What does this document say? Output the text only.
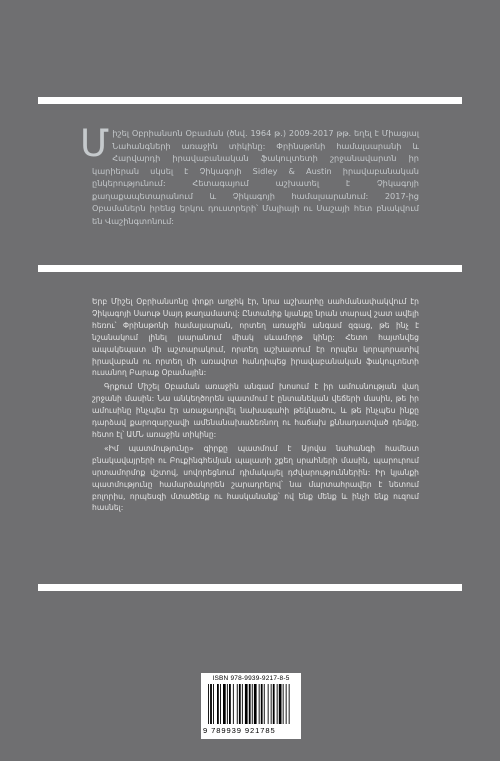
Միշել Օբրիանսոն Օբաման (ծնվ. 1964 թ.) 2009-2017 թթ. եղել է Միացյալ Նահանգների առաջին տիկինը: Փրինսթոնի համալսարանի և Հարվարդի իրավաբանական ֆակուլտետի շրջանավարտն իր կարիերան սկսել է Չիկագոյի Sidley & Austin իրավաբանական ընկերությունում: Հետագայում աշխատել է Չիկագոյի քաղաքապետարանում և Չիկագոյի համալսարանում: 2017-ից Օբամաներն իրենց երկու դուստրերի՝ Մալիայի ու Սաշայի հետ բնակվում են Վաշինգտոնում:

Երբ Միշել Օբրիանսոնը փոքր աղջիկ էր, նրա աշխարհը սահմանափակվում էր Չիկագոյի Սաութ Սայդ թաղամասով: Ընտանիք կյանքը նրան տարավ շատ ավելի հեռու՝ Փրինսթոնի համալսարան, որտեղ առաջին անգամ զգաց, թե ինչ է նշանակում լինել լսարանում միակ սևամորթ կինը: Հետո հայտնվեց ապակեպատ մի աշտարակում, որտեղ աշխատում էր որպես կորպորատիվ իրավաբան ու որտեղ մի առավոտ հանդիպեց իրավաբանական ֆակուլտետի ուսանող Բարաք Օբամային:

Գրքում Միշել Օբաման առաջին անգամ խոսում է իր ամուսնության վաղ շրջանի մասին: Նա անկեղծորեն պատմում է ընտանեկան վեճերի մասին, թե իր ամուսինը ինչպես էր առաջադրվել նախագահի թեկնածու, և թե ինչպես ինքը դարձավ քարոզարշավի ամենանախաձեռնող ու հաճախ քննադատված դեմքը, հետո էլ՝ ԱՄՆ առաջին տիկինը:

«Իմ պատմությունը» գիրքը պատմում է Այովա նահանգի համեստ բնակավայրերի ու Բուքինգհեմյան պալատի շքեղ սրահների մասին, պարուրում սրտամորմոք վշտով, սովորեցնում դիմակայել դժվարություններին: Իր կյանքի պատմությունը համարձակորեն շարադրելով՝ նա մարտահրավեր է նետում բոլորիս, որպեսզի մտածենք ու հասկանանք՝ ով ենք մենք և ինչի ենք ուզում հասնել:

ISBN 978-9939-9217-8-5
9 789939 921785
